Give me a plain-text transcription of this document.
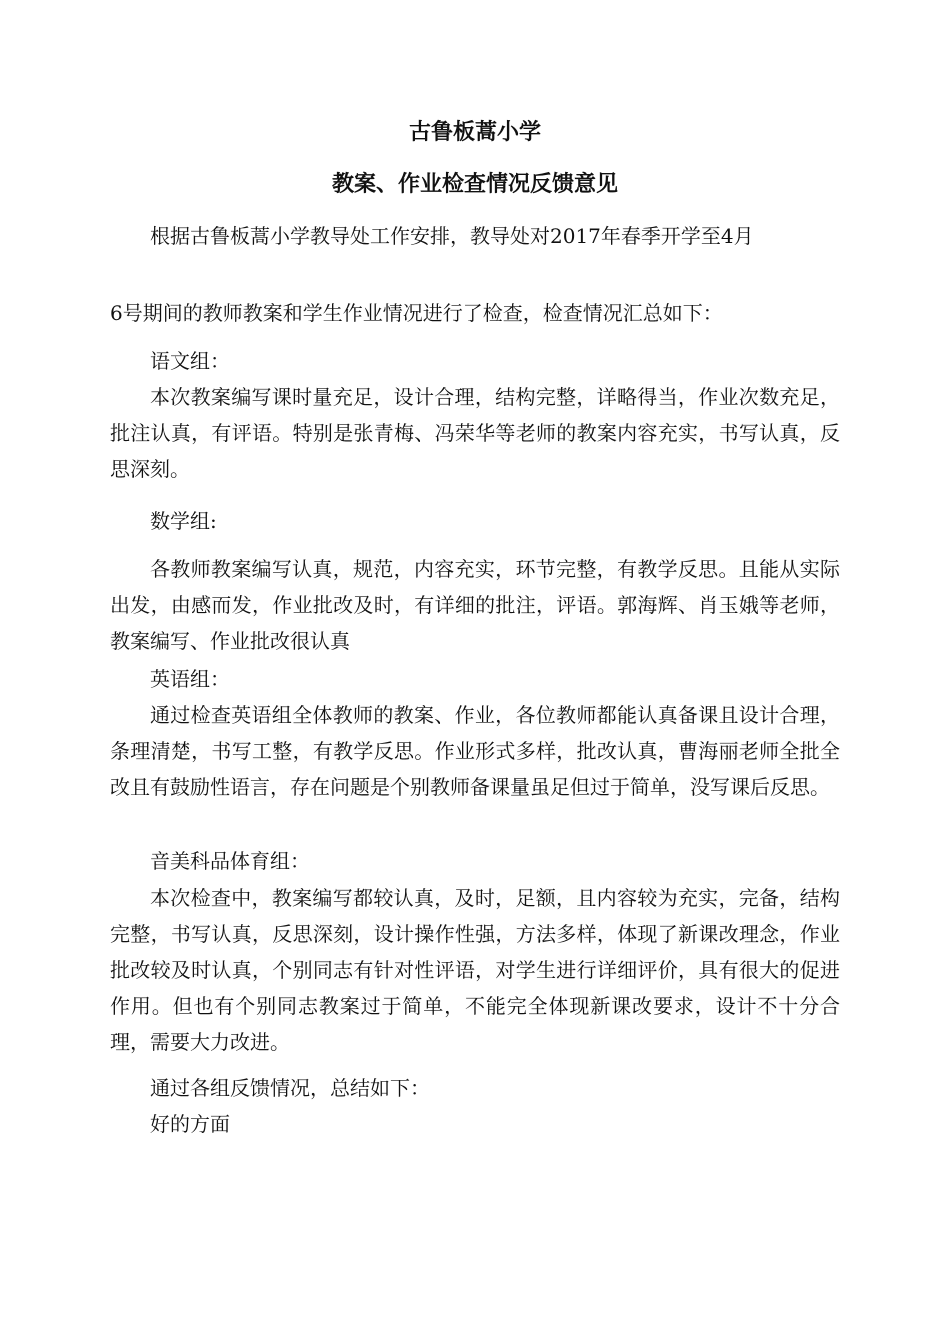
古鲁板蒿小学
教案、作业检查情况反馈意见

根据古鲁板蒿小学教导处工作安排，教导处对2017年春季开学至4月

6号期间的教师教案和学生作业情况进行了检查，检查情况汇总如下：

语文组：

本次教案编写课时量充足，设计合理，结构完整，详略得当，作业次数充足，批注认真，有评语。特别是张青梅、冯荣华等老师的教案内容充实，书写认真，反思深刻。

数学组:

各教师教案编写认真，规范，内容充实，环节完整，有教学反思。且能从实际出发，由感而发，作业批改及时，有详细的批注，评语。郭海辉、肖玉娥等老师，教案编写、作业批改很认真

英语组：

通过检查英语组全体教师的教案、作业，各位教师都能认真备课且设计合理，条理清楚，书写工整，有教学反思。作业形式多样，批改认真，曹海丽老师全批全改且有鼓励性语言，存在问题是个别教师备课量虽足但过于简单，没写课后反思。

音美科品体育组：

本次检查中，教案编写都较认真，及时，足额，且内容较为充实，完备，结构完整，书写认真，反思深刻，设计操作性强，方法多样，体现了新课改理念，作业批改较及时认真，个别同志有针对性评语，对学生进行详细评价，具有很大的促进作用。但也有个别同志教案过于简单，不能完全体现新课改要求，设计不十分合理，需要大力改进。

通过各组反馈情况，总结如下：

好的方面
